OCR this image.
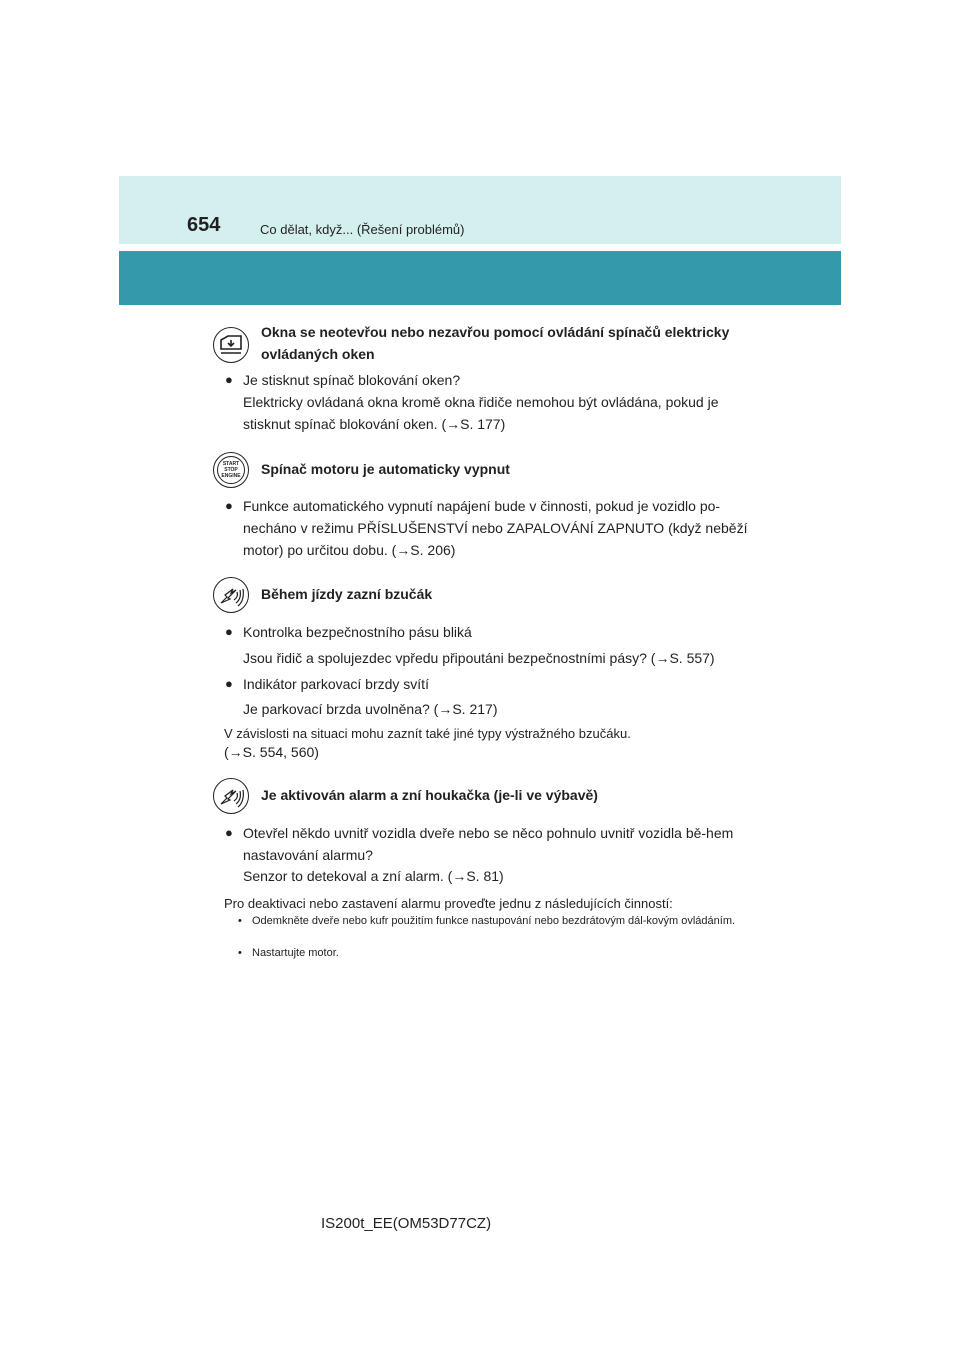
654	Co dělat, když... (Řešení problémů)
Okna se neotevřou nebo nezavřou pomocí ovládání spínačů elektricky ovládaných oken
● Je stisknut spínač blokování oken?
Elektricky ovládaná okna kromě okna řidiče nemohou být ovládána, pokud je stisknut spínač blokování oken. (→S. 177)
START
STOP
ENGINE Spínač motoru je automaticky vypnut
● Funkce automatického vypnutí napájení bude v činnosti, pokud je vozidlo po-necháno v režimu PŘÍSLUŠENSTVÍ nebo ZAPALOVÁNÍ ZAPNUTO (když neběží motor) po určitou dobu. (→S. 206)
Během jízdy zazní bzučák
● Kontrolka bezpečnostního pásu bliká
Jsou řidič a spolujezdec vpředu připoutáni bezpečnostními pásy? (→S. 557)
● Indikátor parkovací brzdy svítí
Je parkovací brzda uvolněna? (→S. 217)
V závislosti na situaci mohu zaznít také jiné typy výstražného bzučáku.
(→S. 554, 560)
Je aktivován alarm a zní houkačka (je-li ve výbavě)
● Otevřel někdo uvnitř vozidla dveře nebo se něco pohnulo uvnitř vozidla bě-hem nastavování alarmu?
Senzor to detekoval a zní alarm. (→S. 81)
Pro deaktivaci nebo zastavení alarmu proveďte jednu z následujících činností:
• Odemkněte dveře nebo kufr použitím funkce nastupování nebo bezdrátovým dál-kovým ovládáním.
• Nastartujte motor.
IS200t_EE(OM53D77CZ)
